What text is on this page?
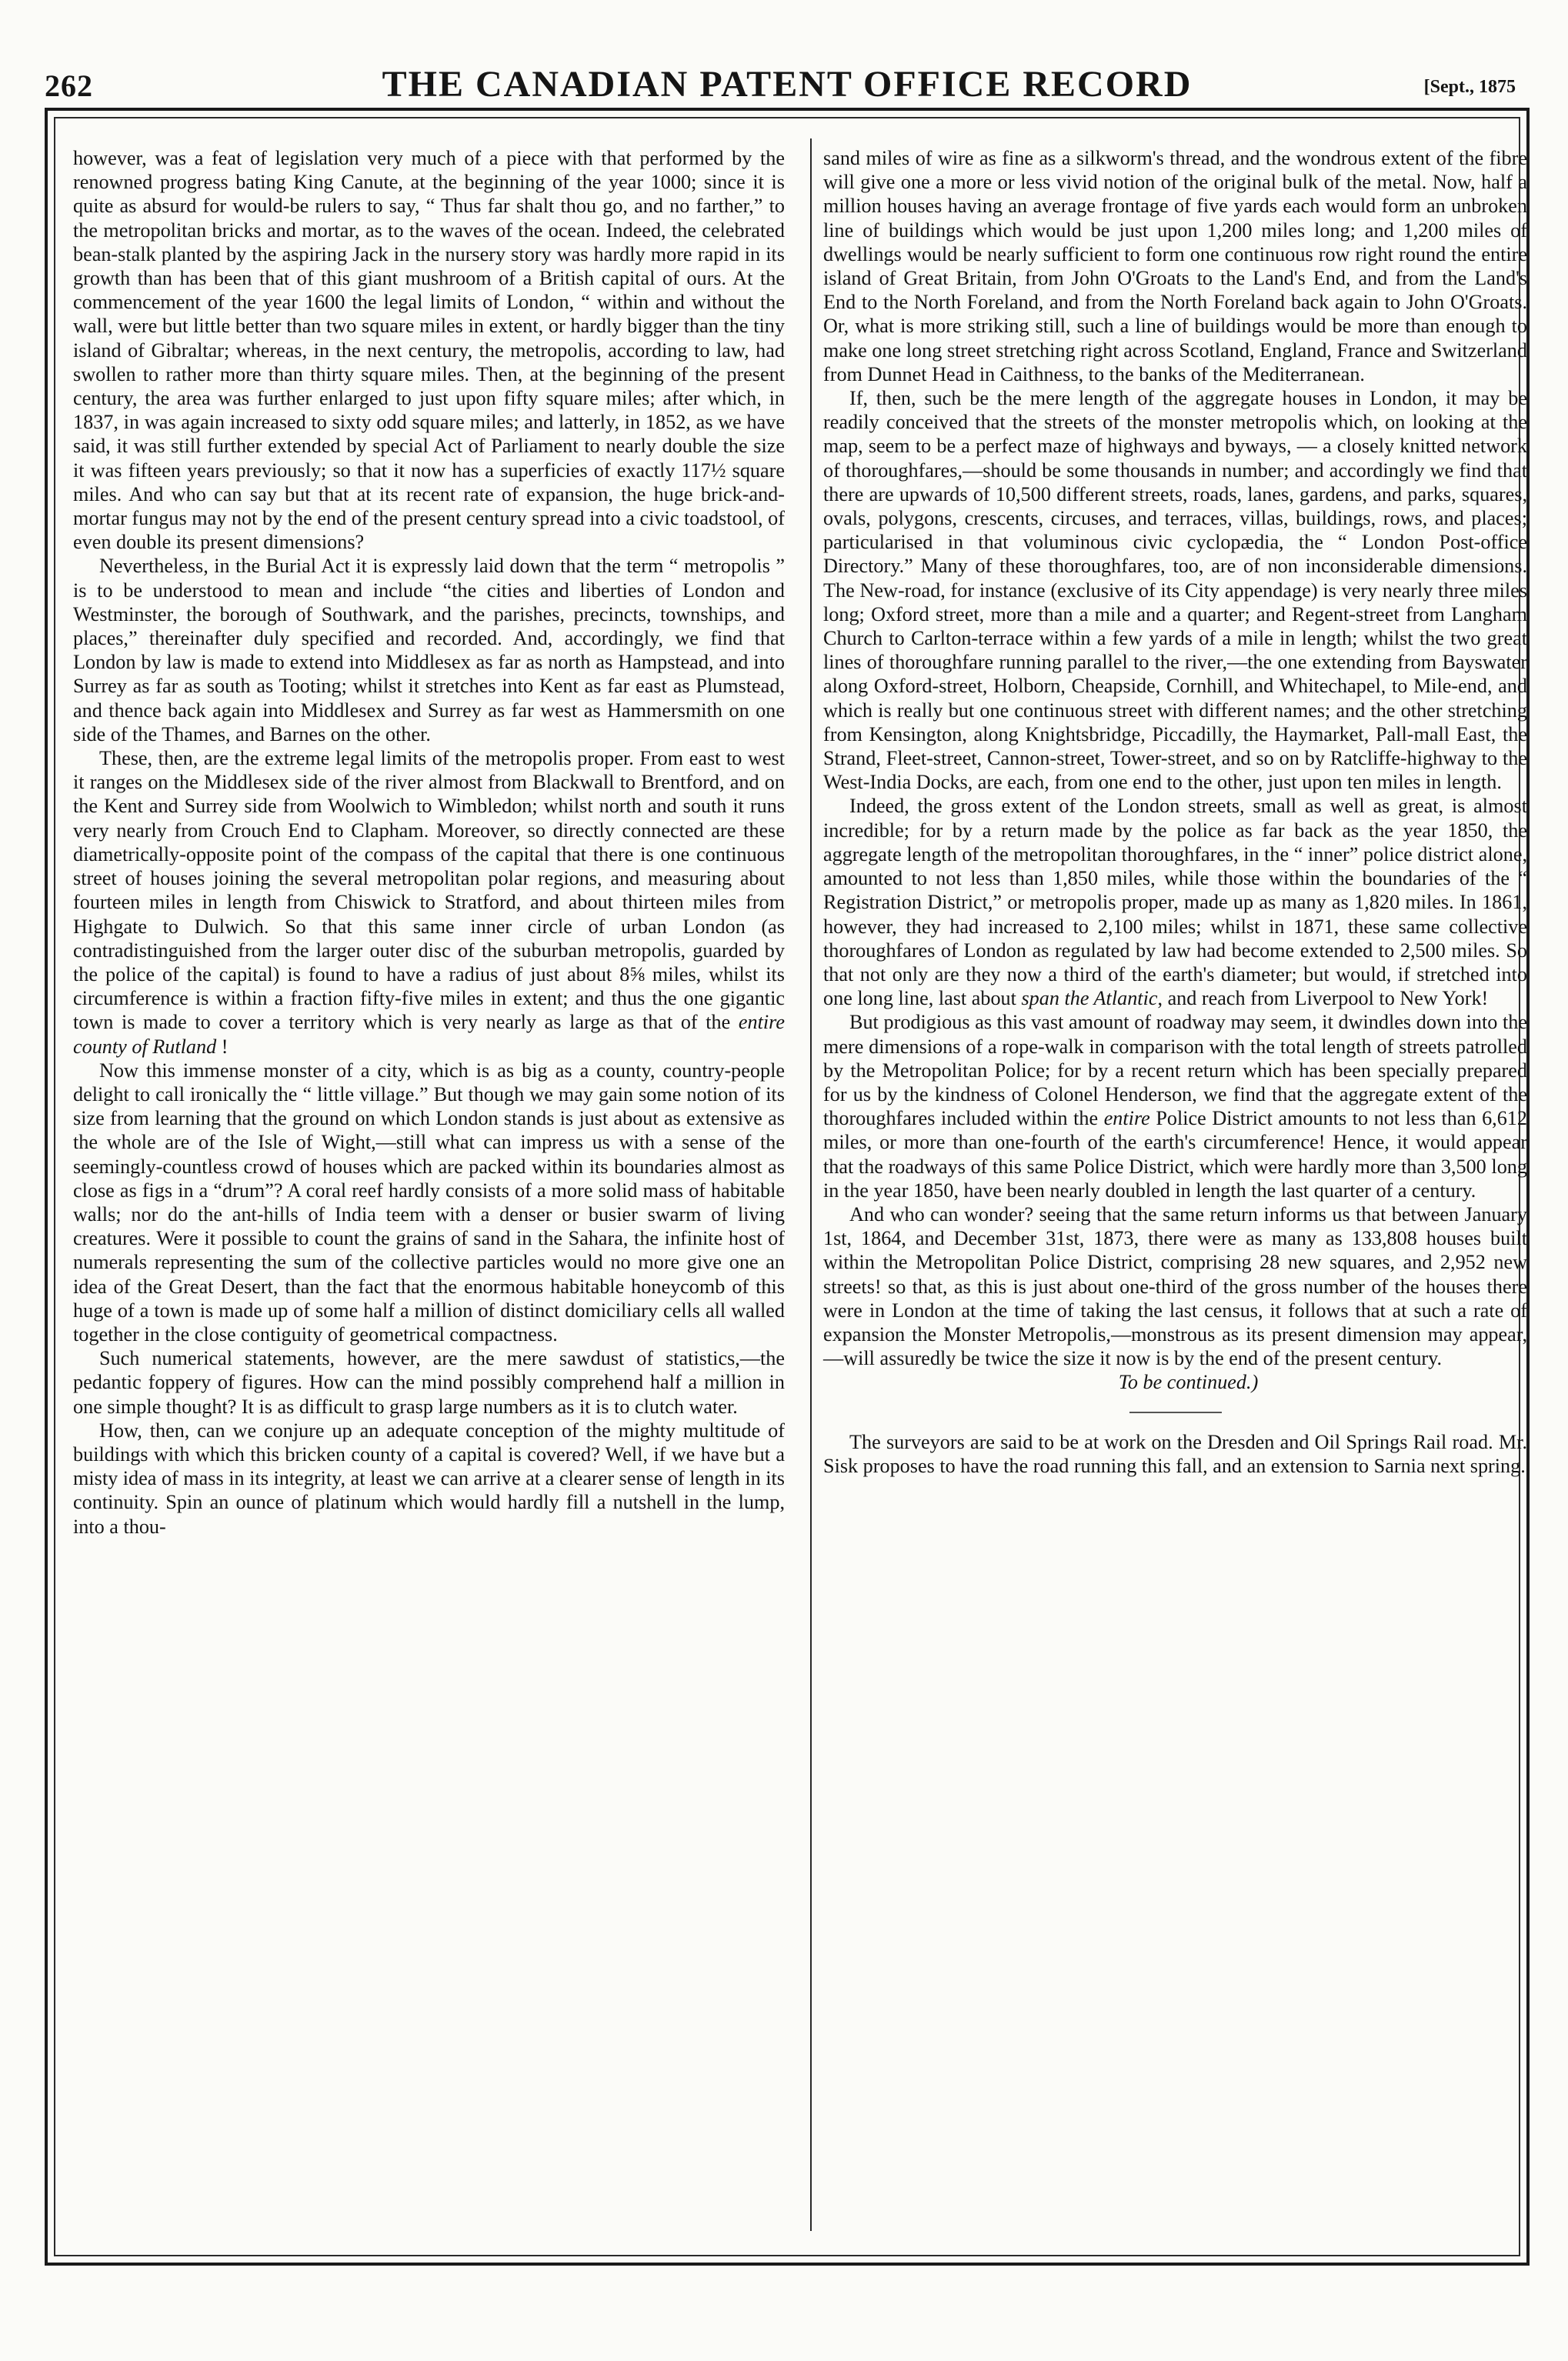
262	THE CANADIAN PATENT OFFICE RECORD	[Sept., 1875

however, was a feat of legislation very much of a piece with that performed by the renowned progress bating King Canute, at the beginning of the year 1000; since it is quite as absurd for would-be rulers to say, “ Thus far shalt thou go, and no farther,” to the metropolitan bricks and mortar, as to the waves of the ocean. Indeed, the celebrated bean-stalk planted by the aspiring Jack in the nursery story was hardly more rapid in its growth than has been that of this giant mushroom of a British capital of ours. At the commencement of the year 1600 the legal limits of London, “ within and without the wall, were but little better than two square miles in extent, or hardly bigger than the tiny island of Gibraltar; whereas, in the next century, the metropolis, according to law, had swollen to rather more than thirty square miles. Then, at the beginning of the present century, the area was further enlarged to just upon fifty square miles; after which, in 1837, in was again increased to sixty odd square miles; and latterly, in 1852, as we have said, it was still further extended by special Act of Parliament to nearly double the size it was fifteen years previously; so that it now has a superficies of exactly 117½ square miles. And who can say but that at its recent rate of expansion, the huge brick-and-mortar fungus may not by the end of the present century spread into a civic toadstool, of even double its present dimensions?

Nevertheless, in the Burial Act it is expressly laid down that the term “ metropolis ” is to be understood to mean and include “the cities and liberties of London and Westminster, the borough of Southwark, and the parishes, precincts, townships, and places,” thereinafter duly specified and recorded. And, accordingly, we find that London by law is made to extend into Middlesex as far as north as Hampstead, and into Surrey as far as south as Tooting; whilst it stretches into Kent as far east as Plumstead, and thence back again into Middlesex and Surrey as far west as Hammersmith on one side of the Thames, and Barnes on the other.

These, then, are the extreme legal limits of the metropolis proper. From east to west it ranges on the Middlesex side of the river almost from Blackwall to Brentford, and on the Kent and Surrey side from Woolwich to Wimbledon; whilst north and south it runs very nearly from Crouch End to Clapham. Moreover, so directly connected are these diametrically-opposite point of the compass of the capital that there is one continuous street of houses joining the several metropolitan polar regions, and measuring about fourteen miles in length from Chiswick to Stratford, and about thirteen miles from Highgate to Dulwich. So that this same inner circle of urban London (as contradistinguished from the larger outer disc of the suburban metropolis, guarded by the police of the capital) is found to have a radius of just about 8⅝ miles, whilst its circumference is within a fraction fifty-five miles in extent; and thus the one gigantic town is made to cover a territory which is very nearly as large as that of the entire county of Rutland !

Now this immense monster of a city, which is as big as a county, country-people delight to call ironically the “ little village.” But though we may gain some notion of its size from learning that the ground on which London stands is just about as extensive as the whole are of the Isle of Wight,—still what can impress us with a sense of the seemingly-countless crowd of houses which are packed within its boundaries almost as close as figs in a “drum”? A coral reef hardly consists of a more solid mass of habitable walls; nor do the ant-hills of India teem with a denser or busier swarm of living creatures. Were it possible to count the grains of sand in the Sahara, the infinite host of numerals representing the sum of the collective particles would no more give one an idea of the Great Desert, than the fact that the enormous habitable honeycomb of this huge of a town is made up of some half a million of distinct domiciliary cells all walled together in the close contiguity of geometrical compactness.

Such numerical statements, however, are the mere sawdust of statistics,—the pedantic foppery of figures. How can the mind possibly comprehend half a million in one simple thought? It is as difficult to grasp large numbers as it is to clutch water.

How, then, can we conjure up an adequate conception of the mighty multitude of buildings with which this bricken county of a capital is covered? Well, if we have but a misty idea of mass in its integrity, at least we can arrive at a clearer sense of length in its continuity. Spin an ounce of platinum which would hardly fill a nutshell in the lump, into a thou-

sand miles of wire as fine as a silkworm's thread, and the wondrous extent of the fibre will give one a more or less vivid notion of the original bulk of the metal. Now, half a million houses having an average frontage of five yards each would form an unbroken line of buildings which would be just upon 1,200 miles long; and 1,200 miles of dwellings would be nearly sufficient to form one continuous row right round the entire island of Great Britain, from John O'Groats to the Land's End, and from the Land's End to the North Foreland, and from the North Foreland back again to John O'Groats. Or, what is more striking still, such a line of buildings would be more than enough to make one long street stretching right across Scotland, England, France and Switzerland from Dunnet Head in Caithness, to the banks of the Mediterranean.

If, then, such be the mere length of the aggregate houses in London, it may be readily conceived that the streets of the monster metropolis which, on looking at the map, seem to be a perfect maze of highways and byways, — a closely knitted network of thoroughfares,—should be some thousands in number; and accordingly we find that there are upwards of 10,500 different streets, roads, lanes, gardens, and parks, squares, ovals, polygons, crescents, circuses, and terraces, villas, buildings, rows, and places; particularised in that voluminous civic cyclopædia, the “ London Post-office Directory.” Many of these thoroughfares, too, are of non inconsiderable dimensions. The New-road, for instance (exclusive of its City appendage) is very nearly three miles long; Oxford street, more than a mile and a quarter; and Regent-street from Langham Church to Carlton-terrace within a few yards of a mile in length; whilst the two great lines of thoroughfare running parallel to the river,—the one extending from Bayswater along Oxford-street, Holborn, Cheapside, Cornhill, and Whitechapel, to Mile-end, and which is really but one continuous street with different names; and the other stretching from Kensington, along Knightsbridge, Piccadilly, the Haymarket, Pall-mall East, the Strand, Fleet-street, Cannon-street, Tower-street, and so on by Ratcliffe-highway to the West-India Docks, are each, from one end to the other, just upon ten miles in length.

Indeed, the gross extent of the London streets, small as well as great, is almost incredible; for by a return made by the police as far back as the year 1850, the aggregate length of the metropolitan thoroughfares, in the “ inner” police district alone, amounted to not less than 1,850 miles, while those within the boundaries of the “ Registration District,” or metropolis proper, made up as many as 1,820 miles. In 1861, however, they had increased to 2,100 miles; whilst in 1871, these same collective thoroughfares of London as regulated by law had become extended to 2,500 miles. So that not only are they now a third of the earth's diameter; but would, if stretched into one long line, last about span the Atlantic, and reach from Liverpool to New York!

But prodigious as this vast amount of roadway may seem, it dwindles down into the mere dimensions of a rope-walk in comparison with the total length of streets patrolled by the Metropolitan Police; for by a recent return which has been specially prepared for us by the kindness of Colonel Henderson, we find that the aggregate extent of the thoroughfares included within the entire Police District amounts to not less than 6,612 miles, or more than one-fourth of the earth's circumference! Hence, it would appear that the roadways of this same Police District, which were hardly more than 3,500 long in the year 1850, have been nearly doubled in length the last quarter of a century.

And who can wonder? seeing that the same return informs us that between January 1st, 1864, and December 31st, 1873, there were as many as 133,808 houses built within the Metropolitan Police District, comprising 28 new squares, and 2,952 new streets! so that, as this is just about one-third of the gross number of the houses there were in London at the time of taking the last census, it follows that at such a rate of expansion the Monster Metropolis,—monstrous as its present dimension may appear,—will assuredly be twice the size it now is by the end of the present century.

To be continued.)

The surveyors are said to be at work on the Dresden and Oil Springs Rail road. Mr. Sisk proposes to have the road running this fall, and an extension to Sarnia next spring.
